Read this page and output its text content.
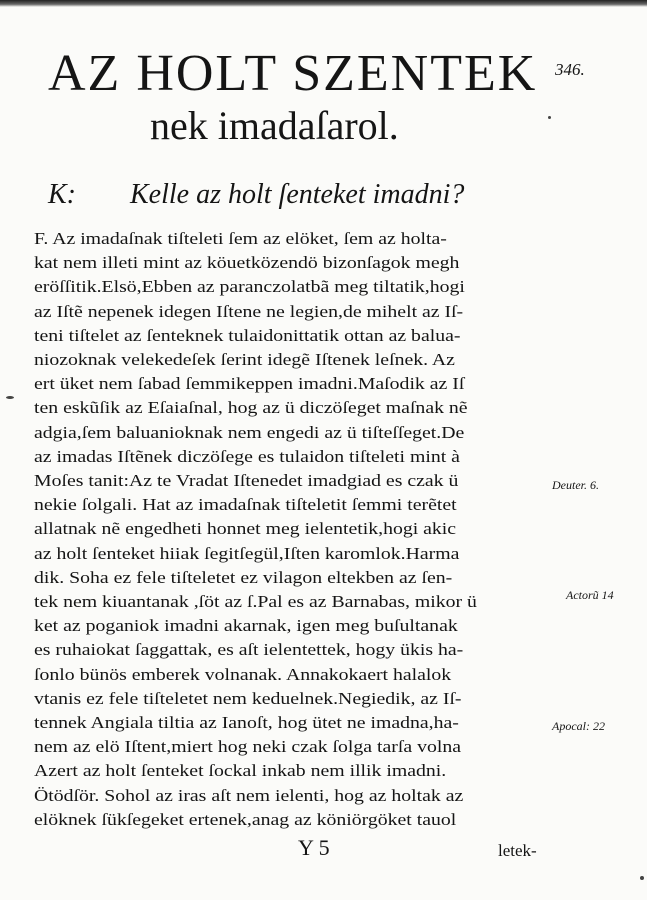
AZ HOLT SZENTEK	346.
nek imadaſarol.
K: Kelle az holt ſenteket imadni?
F. Az imadaſnak tiſteleti ſem az elöket, ſem az holta-
kat nem illeti mint az köuetközendö bizonſagok megh
eröſſitik.Elsö,Ebben az paranczolatbã meg tiltatik,hogi
az Iſtẽ nepenek idegen Iſtene ne legien,de mihelt az Iſ-
teni tiſtelet az ſenteknek tulaidonittatik ottan az balua-
niozoknak velekedeſek ſerint idegẽ Iſtenek leſnek. Az
ert üket nem ſabad ſemmikeppen imadni.Maſodik az Iſ
ten eskũſik az Eſaiaſnal, hog az ü diczöſeget maſnak nẽ
adgia,ſem baluanioknak nem engedi az ü tiſteſſeget.De
az imadas Iſtẽnek diczöſege es tulaidon tiſteleti mint à
Moſes tanit:Az te Vradat Iſtenedet imadgiad es czak ü
nekie ſolgali. Hat az imadaſnak tiſteletit ſemmi terẽtet
allatnak nẽ engedheti honnet meg ielentetik,hogi akic
az holt ſenteket hiiak ſegitſegül,Iſten karomlok.Harma
dik. Soha ez fele tiſteletet ez vilagon eltekben az ſen-
tek nem kiuantanak ,ſöt az ſ.Pal es az Barnabas, mikor ü
ket az poganiok imadni akarnak, igen meg buſultanak
es ruhaiokat ſaggattak, es aſt ielentettek, hogy ükis ha-
ſonlo bünös emberek volnanak. Annakokaert halalok
vtanis ez fele tiſteletet nem keduelnek.Negiedik, az Iſ-
tennek Angiala tiltia az Ianoſt, hog ütet ne imadna,ha-
nem az elö Iſtent,miert hog neki czak ſolga tarſa volna
Azert az holt ſenteket ſockal inkab nem illik imadni.
Ötödſör. Sohol az iras aſt nem ielenti, hog az holtak az
elöknek ſükſegeket ertenek,anag az köniörgöket tauol
Deuter. 6.
Actorũ 14
Apocal: 22
Y 5	letek-
